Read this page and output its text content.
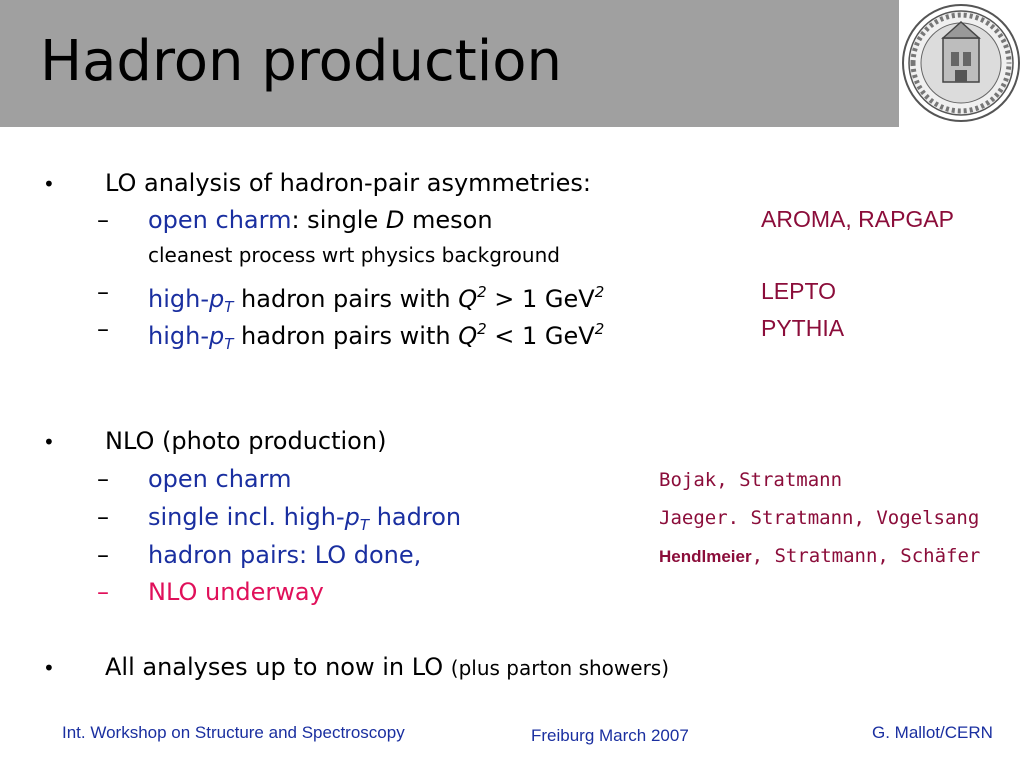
Hadron production
• LO analysis of hadron-pair asymmetries:
– open charm: single D meson	AROMA, RAPGAP
cleanest process wrt physics background
– high-$p_T$ hadron pairs with $Q^2 > 1$ GeV$^2$	LEPTO
– high-$p_T$ hadron pairs with $Q^2 < 1$ GeV$^2$	PYTHIA
• NLO (photo production)
– open charm	Bojak, Stratmann
– single incl. high-$p_T$ hadron	Jaeger. Stratmann, Vogelsang
– hadron pairs: LO done,	Hendlmeier, Stratmann, Schäfer
– NLO underway
• All analyses up to now in LO (plus parton showers)
Int. Workshop on Structure and Spectroscopy	Freiburg March 2007	G. Mallot/CERN
